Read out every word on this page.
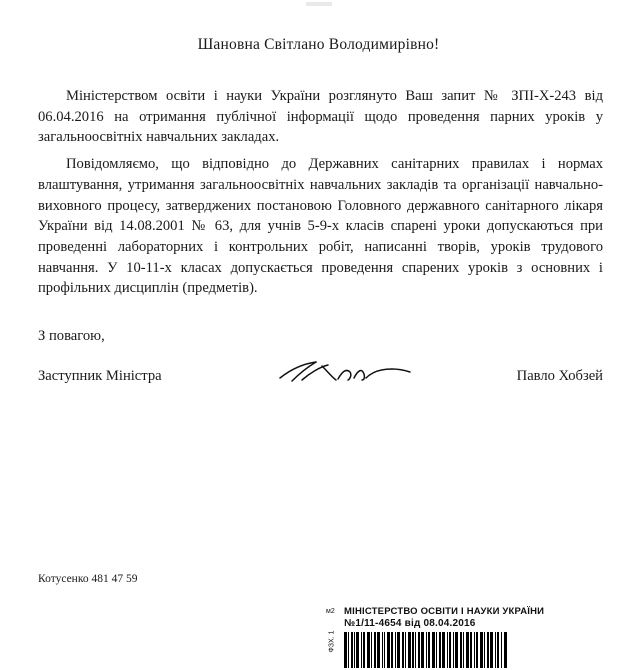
Шановна Світлано Володимирівно!

Міністерством освіти і науки України розглянуто Ваш запит № ЗПІ-Х-243 від 06.04.2016 на отримання публічної інформації щодо проведення парних уроків у загальноосвітніх навчальних закладах.

Повідомляємо, що відповідно до Державних санітарних правилах і нормах влаштування, утримання загальноосвітніх навчальних закладів та організації навчально-виховного процесу, затверджених постановою Головного державного санітарного лікаря України від 14.08.2001 № 63, для учнів 5-9-х класів спарені уроки допускаються при проведенні лабораторних і контрольних робіт, написанні творів, уроків трудового навчання. У 10-11-х класах допускається проведення спарених уроків з основних і профільних дисциплін (предметів).

З повагою,
Заступник Міністра	Павло Хобзей
Котусенко 481 47 59
м2
ФЗХ. 1
МІНІСТЕРСТВО ОСВІТИ І НАУКИ УКРАЇНИ
№1/11-4654 від 08.04.2016
